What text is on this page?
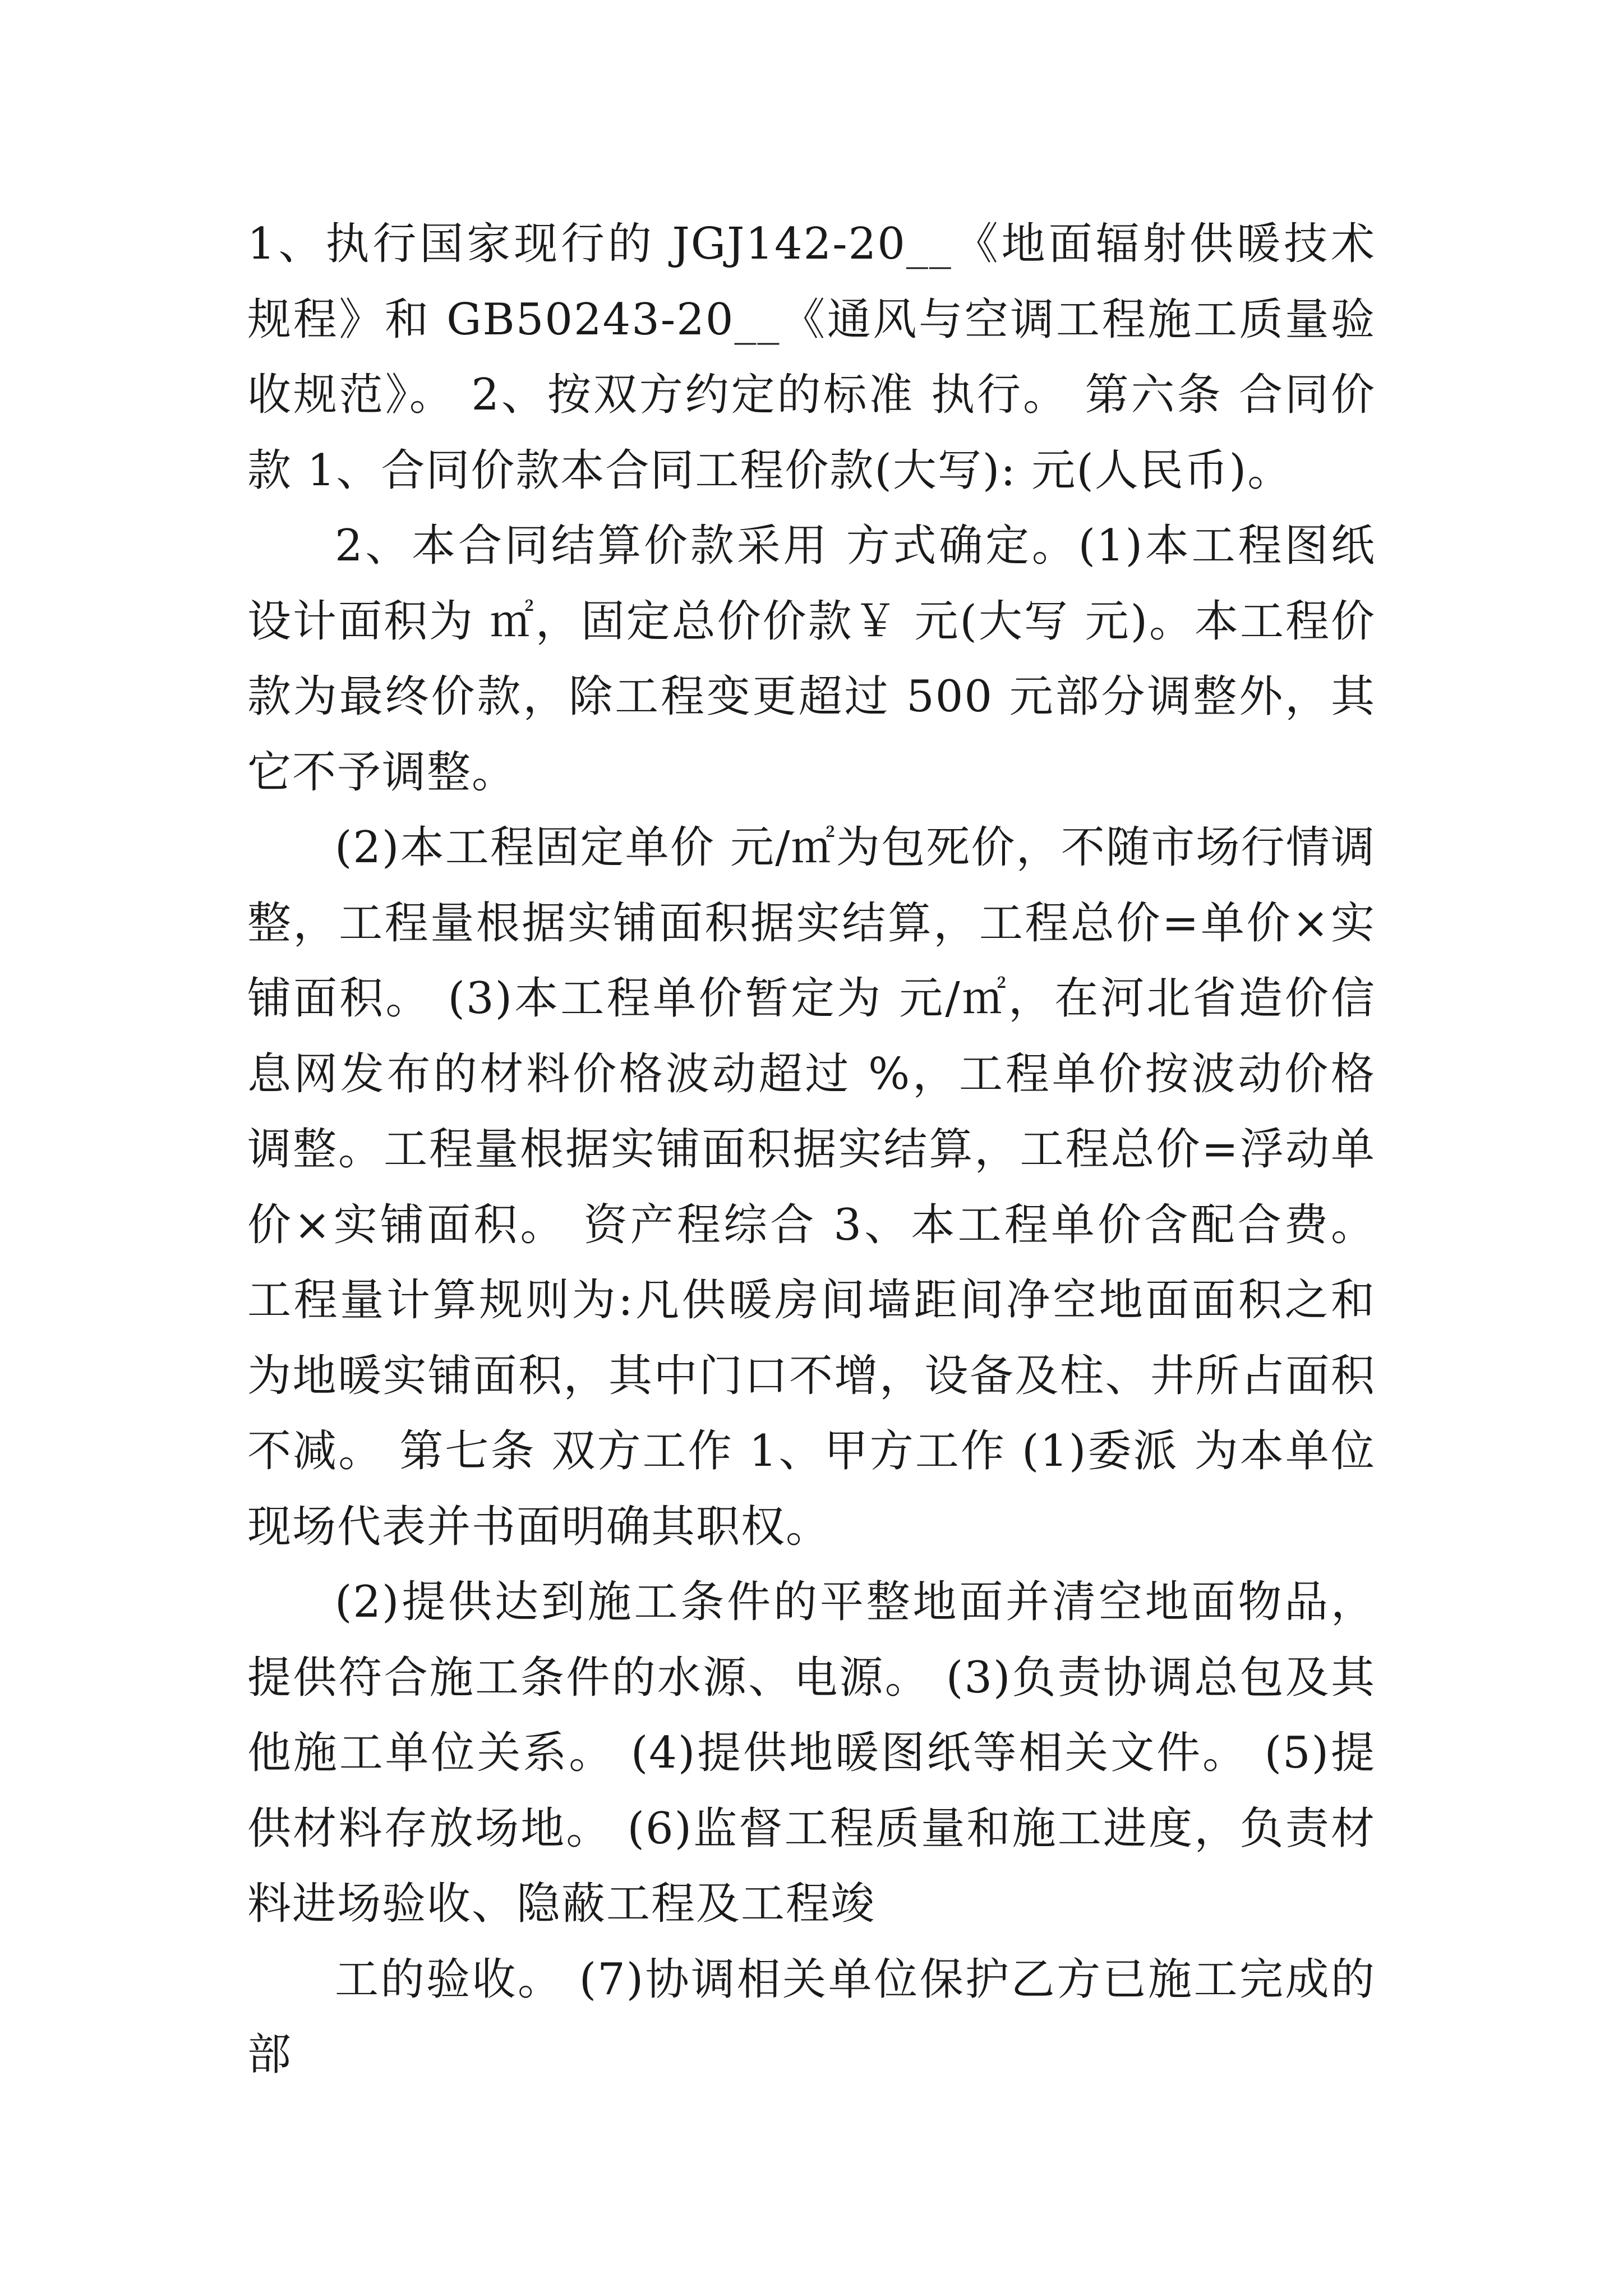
1、执行国家现行的 JGJ142-20__《地面辐射供暖技术规程》和 GB50243-20__《通风与空调工程施工质量验收规范》。 2、按双方约定的标准 执行。 第六条 合同价款 1、合同价款本合同工程价款(大写): 元(人民币)。

2、本合同结算价款采用 方式确定。(1)本工程图纸设计面积为 ㎡，固定总价价款￥ 元(大写 元)。本工程价款为最终价款，除工程变更超过 500 元部分调整外，其它不予调整。

(2)本工程固定单价 元/㎡为包死价，不随市场行情调整，工程量根据实铺面积据实结算，工程总价=单价×实铺面积。 (3)本工程单价暂定为 元/㎡，在河北省造价信息网发布的材料价格波动超过 %，工程单价按波动价格调整。工程量根据实铺面积据实结算，工程总价=浮动单价×实铺面积。 资产程综合 3、本工程单价含配合费。工程量计算规则为:凡供暖房间墙距间净空地面面积之和为地暖实铺面积，其中门口不增，设备及柱、井所占面积不减。 第七条 双方工作 1、甲方工作 (1)委派 为本单位现场代表并书面明确其职权。

(2)提供达到施工条件的平整地面并清空地面物品，提供符合施工条件的水源、电源。 (3)负责协调总包及其他施工单位关系。 (4)提供地暖图纸等相关文件。 (5)提供材料存放场地。 (6)监督工程质量和施工进度，负责材料进场验收、隐蔽工程及工程竣

工的验收。 (7)协调相关单位保护乙方已施工完成的部
